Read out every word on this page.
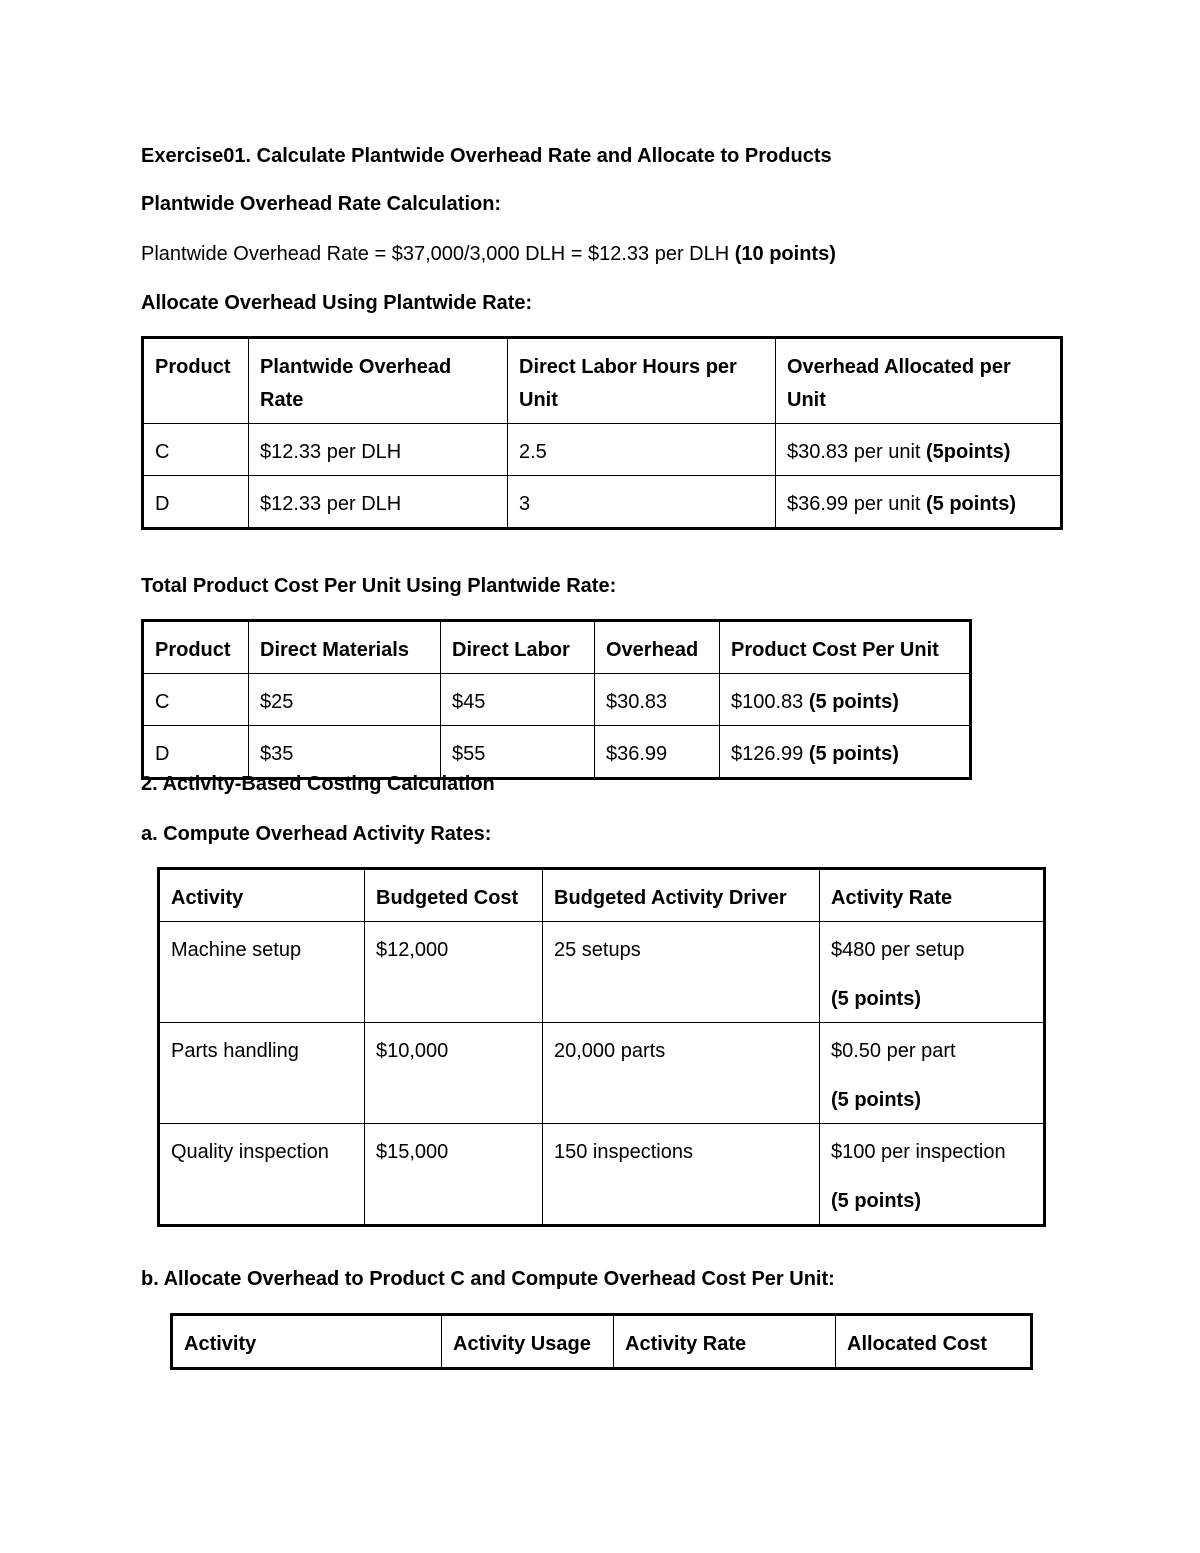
Exercise01. Calculate Plantwide Overhead Rate and Allocate to Products

Plantwide Overhead Rate Calculation:

Plantwide Overhead Rate = $37,000/3,000 DLH = $12.33 per DLH (10 points)

Allocate Overhead Using Plantwide Rate:

Product	Plantwide Overhead Rate	Direct Labor Hours per Unit	Overhead Allocated per Unit
C	$12.33 per DLH	2.5	$30.83 per unit (5points)
D	$12.33 per DLH	3	$36.99 per unit (5 points)

Total Product Cost Per Unit Using Plantwide Rate:

Product	Direct Materials	Direct Labor	Overhead	Product Cost Per Unit
C	$25	$45	$30.83	$100.83 (5 points)
D	$35	$55	$36.99	$126.99 (5 points)

2. Activity-Based Costing Calculation

a. Compute Overhead Activity Rates:

Activity	Budgeted Cost	Budgeted Activity Driver	Activity Rate
Machine setup	$12,000	25 setups	$480 per setup
(5 points)

Parts handling	$10,000	20,000 parts	$0.50 per part
(5 points)

Quality inspection	$15,000	150 inspections	$100 per inspection
(5 points)

b. Allocate Overhead to Product C and Compute Overhead Cost Per Unit:

Activity	Activity Usage	Activity Rate	Allocated Cost
